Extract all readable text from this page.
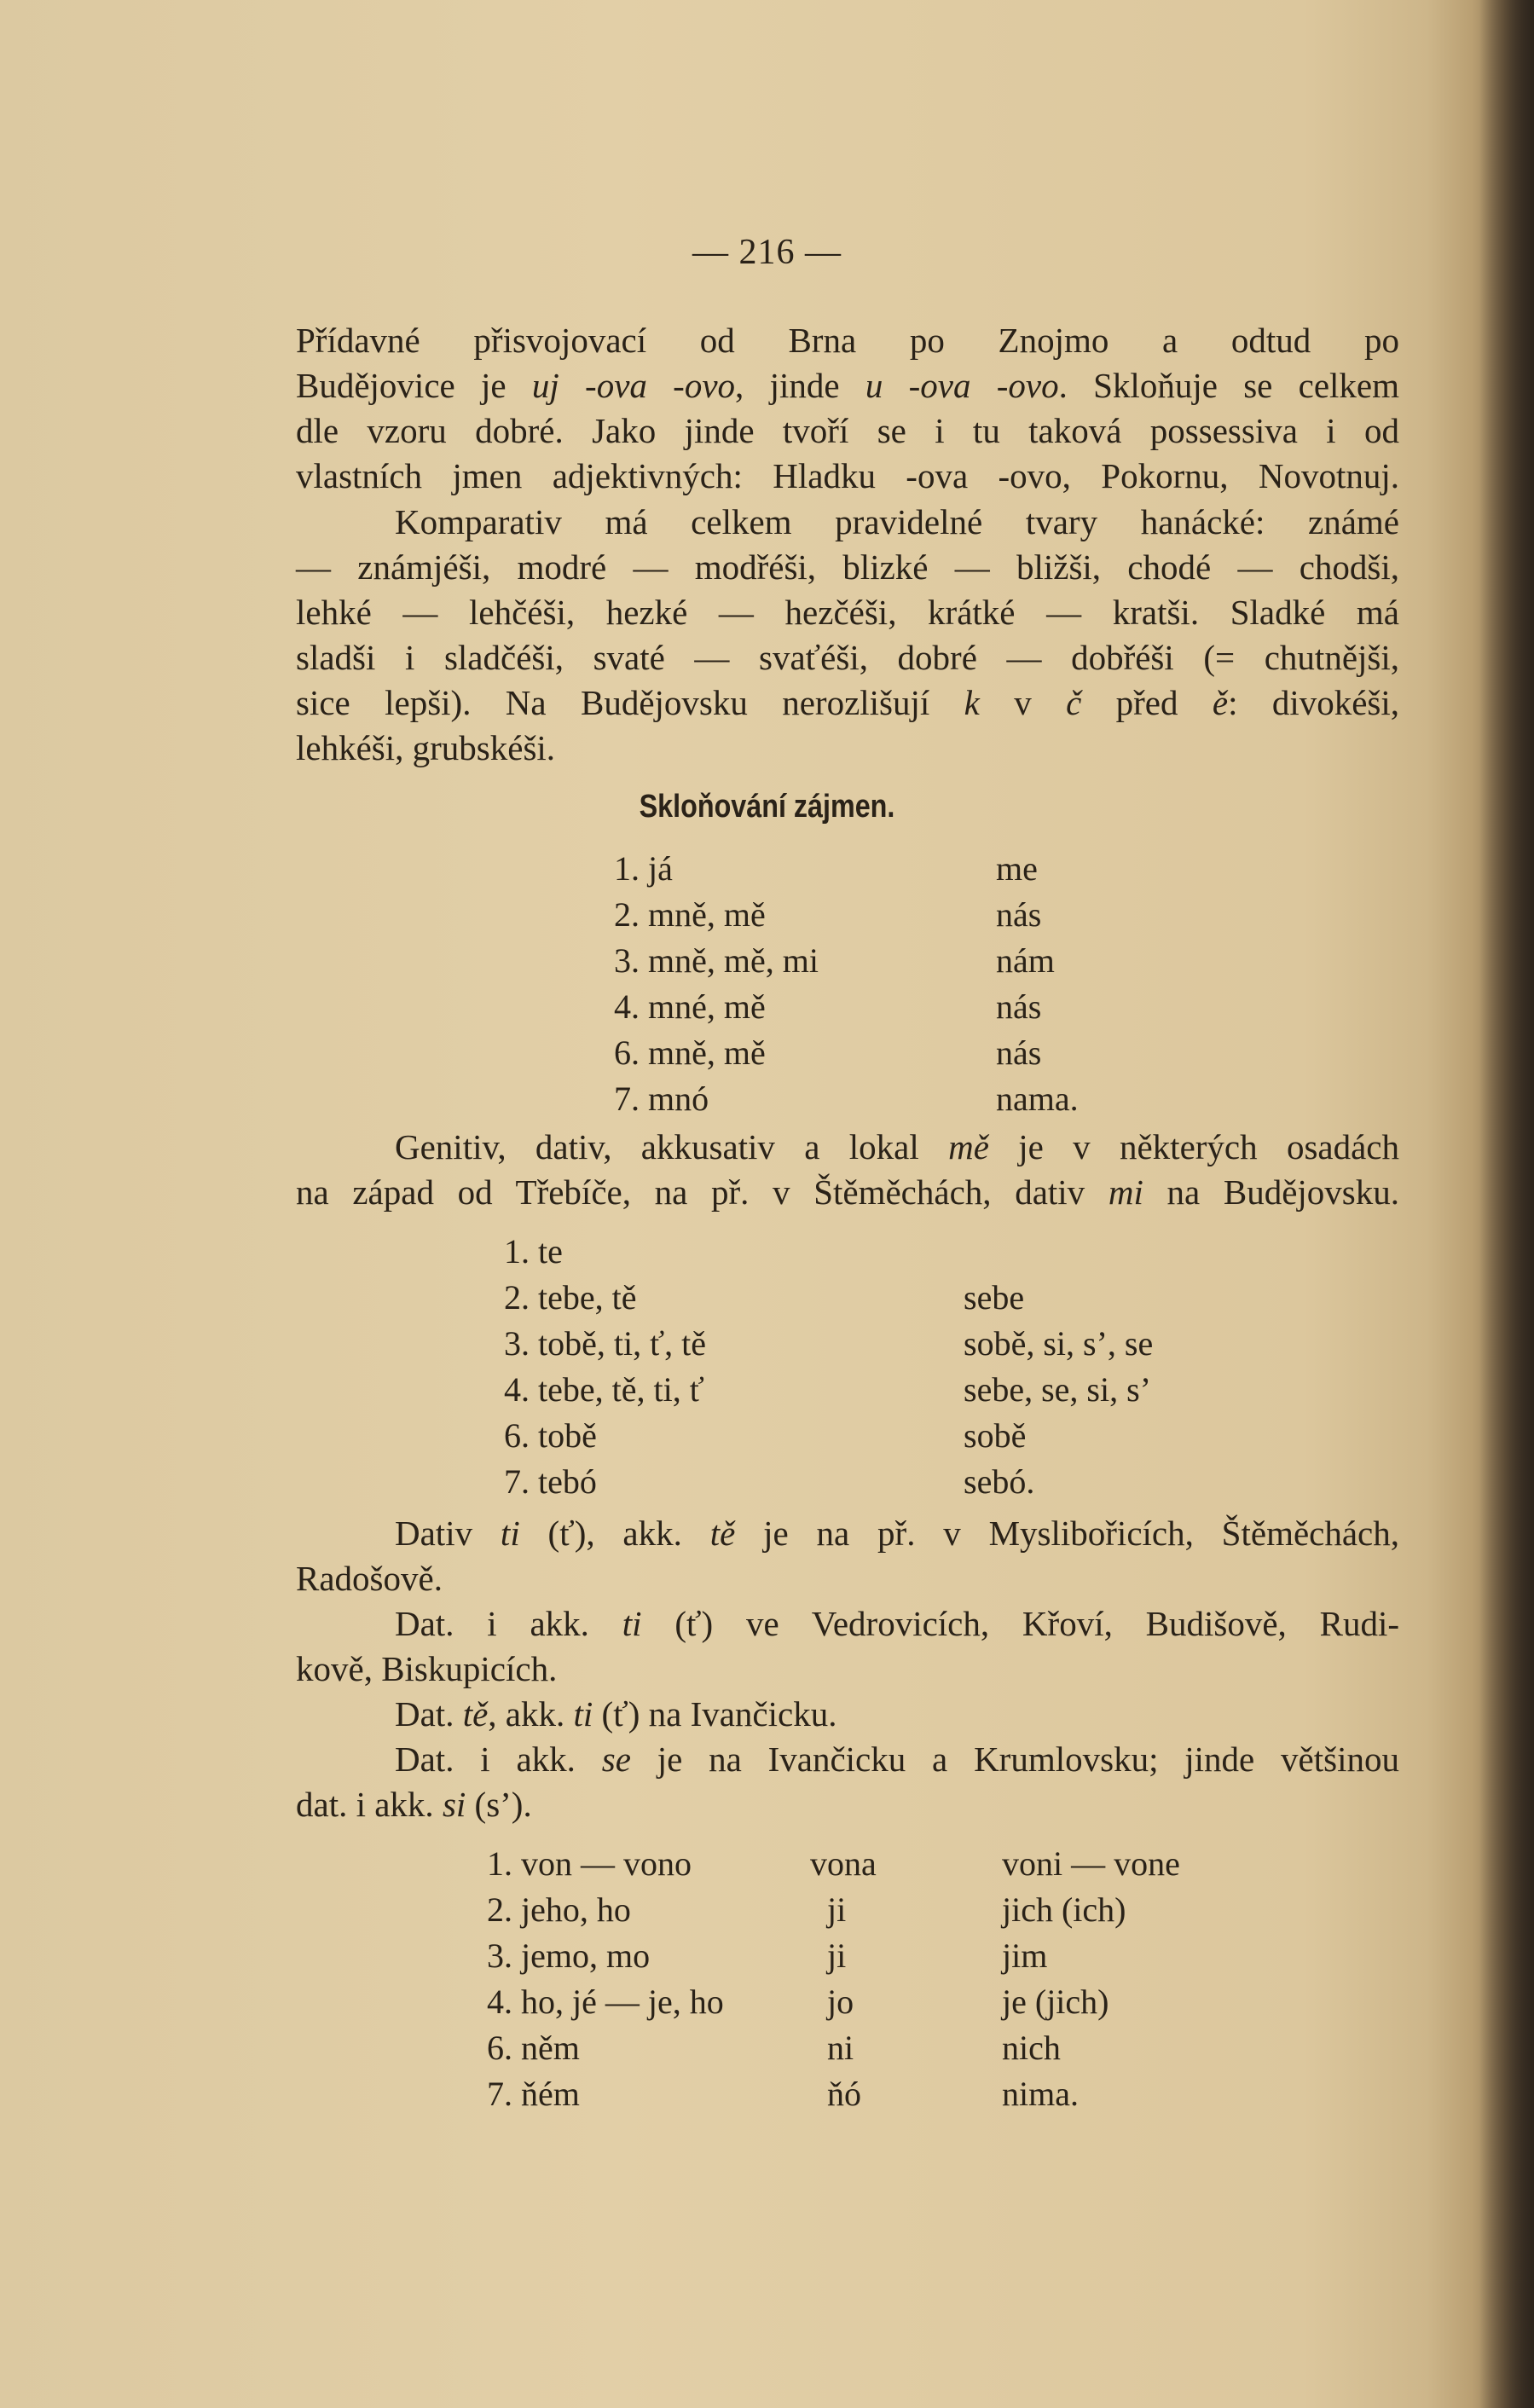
— 216 —
Přídavné přisvojovací od Brna po Znojmo a odtud po
Budějovice je uj -ova -ovo, jinde u -ova -ovo. Skloňuje se celkem
dle vzoru dobré. Jako jinde tvoří se i tu taková possessiva i od
vlastních jmen adjektivných: Hladku -ova -ovo, Pokornu, Novotnuj.
Komparativ má celkem pravidelné tvary hanácké: známé
— známjéši, modré — modřéši, blizké — bližši, chodé — chodši,
lehké — lehčéši, hezké — hezčéši, krátké — kratši. Sladké má
sladši i sladčéši, svaté — svaťéši, dobré — dobřéši (= chutnějši,
sice lepši). Na Budějovsku nerozlišují k v č před ě: divokéši,
lehkéši, grubskéši.
Skloňování zájmen.
1. já	me
2. mně, mě	nás
3. mně, mě, mi	nám
4. mné, mě	nás
6. mně, mě	nás
7. mnó	nama.
Genitiv, dativ, akkusativ a lokal mě je v některých osadách
na západ od Třebíče, na př. v Štěměchách, dativ mi na Budějovsku.
1. te
2. tebe, tě	sebe
3. tobě, ti, ť, tě	sobě, si, s’, se
4. tebe, tě, ti, ť	sebe, se, si, s’
6. tobě	sobě
7. tebó	sebó.
Dativ ti (ť), akk. tě je na př. v Myslibořicích, Štěměchách,
Radošově.
Dat. i akk. ti (ť) ve Vedrovicích, Křoví, Budišově, Rudi-
kově, Biskupicích.
Dat. tě, akk. ti (ť) na Ivančicku.
Dat. i akk. se je na Ivančicku a Krumlovsku; jinde většinou
dat. i akk. si (s’).
1. von — vono	vona	voni — vone
2. jeho, ho	ji	jich (ich)
3. jemo, mo	ji	jim
4. ho, jé — je, ho	jo	je (jich)
6. něm	ni	nich
7. ňém	ňó	nima.
